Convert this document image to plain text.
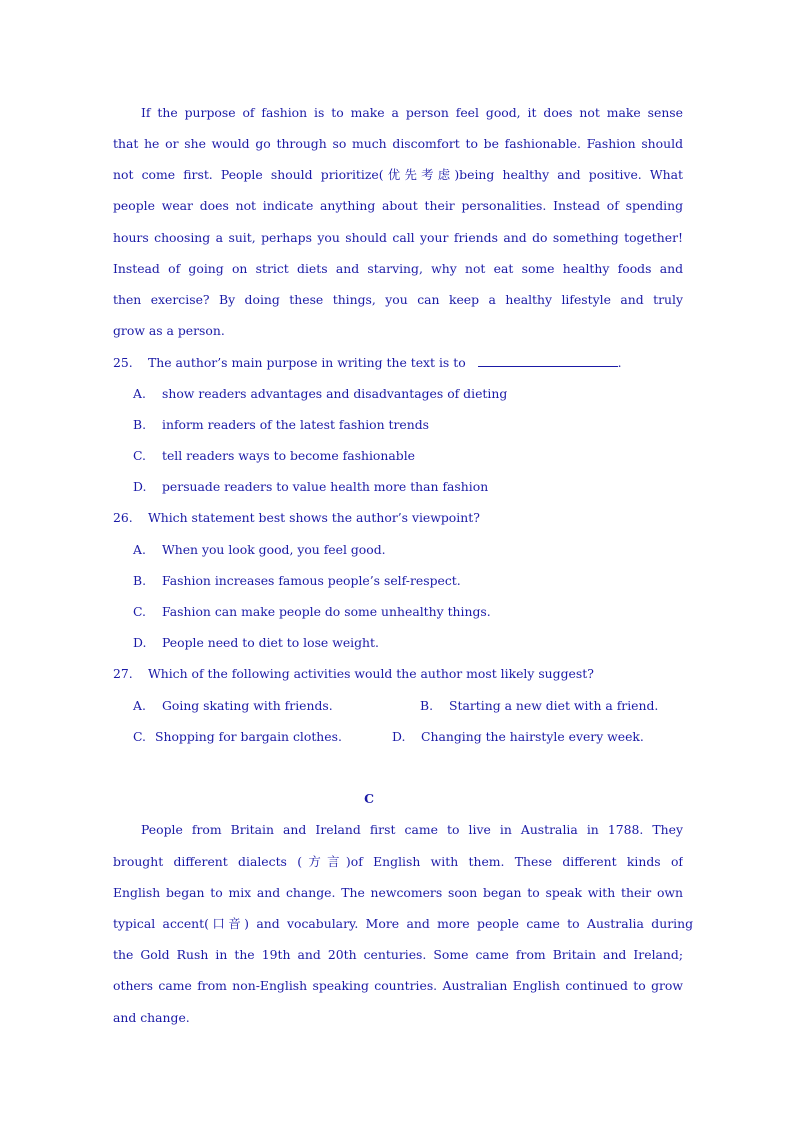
If the purpose of fashion is to make a person feel good, it does not make sense
that he or she would go through so much discomfort to be fashionable. Fashion should
not come first. People should prioritize(优先考虑)being healthy and positive. What
people wear does not indicate anything about their personalities. Instead of spending
hours choosing a suit, perhaps you should call your friends and do something together!
Instead of going on strict diets and starving, why not eat some healthy foods and
then exercise? By doing these things, you can keep a healthy lifestyle and truly
grow as a person.
25. The author’s main purpose in writing the text is to	.
A. show readers advantages and disadvantages of dieting
B. inform readers of the latest fashion trends
C. tell readers ways to become fashionable
D. persuade readers to value health more than fashion
26. Which statement best shows the author’s viewpoint?
A. When you look good, you feel good.
B. Fashion increases famous people’s self-respect.
C. Fashion can make people do some unhealthy things.
D. People need to diet to lose weight.
27. Which of the following activities would the author most likely suggest?
A. Going skating with friends.	B. Starting a new diet with a friend.
C. Shopping for bargain clothes.	D. Changing the hairstyle every week.
C
People from Britain and Ireland first came to live in Australia in 1788. They
brought different dialects (方言)of English with them. These different kinds of
English began to mix and change. The newcomers soon began to speak with their own
typical accent(口音) and vocabulary. More and more people came to Australia during
the Gold Rush in the 19th and 20th centuries. Some came from Britain and Ireland;
others came from non-English speaking countries. Australian English continued to grow
and change.
